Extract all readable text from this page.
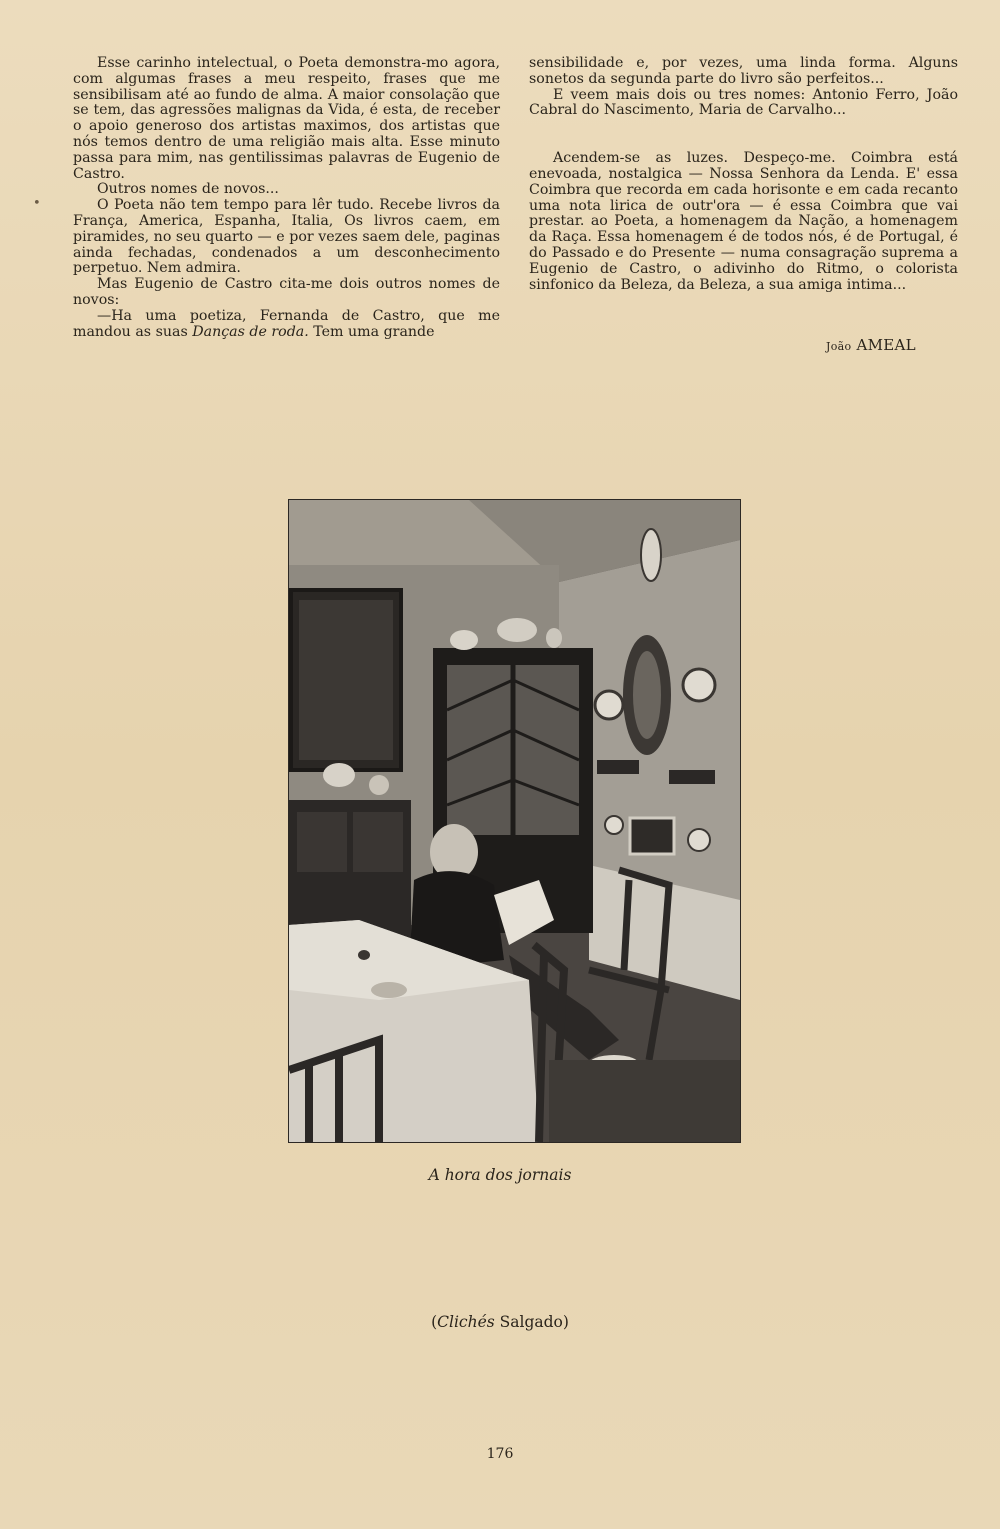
•

Esse carinho intelectual, o Poeta demonstra-mo agora, com algumas frases a meu respeito, frases que me sensibilisam até ao fundo de alma. A maior consolação que se tem, das agressões malignas da Vida, é esta, de receber o apoio generoso dos artistas maximos, dos artistas que nós temos dentro de uma religião mais alta. Esse minuto passa para mim, nas gentilissimas palavras de Eugenio de Castro.

Outros nomes de novos...

O Poeta não tem tempo para lêr tudo. Recebe livros da França, America, Espanha, Italia, Os livros caem, em piramides, no seu quarto — e por vezes saem dele, paginas ainda fechadas, condenados a um desconhecimento perpetuo. Nem admira.

Mas Eugenio de Castro cita-me dois outros nomes de novos:

—Ha uma poetiza, Fernanda de Castro, que me mandou as suas Danças de roda. Tem uma grande

sensibilidade e, por vezes, uma linda forma. Alguns sonetos da segunda parte do livro são perfeitos...

E veem mais dois ou tres nomes: Antonio Ferro, João Cabral do Nascimento, Maria de Carvalho...

Acendem-se as luzes. Despeço-me. Coimbra está enevoada, nostalgica — Nossa Senhora da Lenda. E' essa Coimbra que recorda em cada horisonte e em cada recanto uma nota lirica de outr'ora — é essa Coimbra que vai prestar. ao Poeta, a homenagem da Nação, a homenagem da Raça. Essa homenagem é de todos nós, é de Portugal, é do Passado e do Presente — numa consagração suprema a Eugenio de Castro, o adivinho do Ritmo, o colorista sinfonico da Beleza, da Beleza, a sua amiga intima...

João AMEAL
A hora dos jornais
(Clichés Salgado)
176
